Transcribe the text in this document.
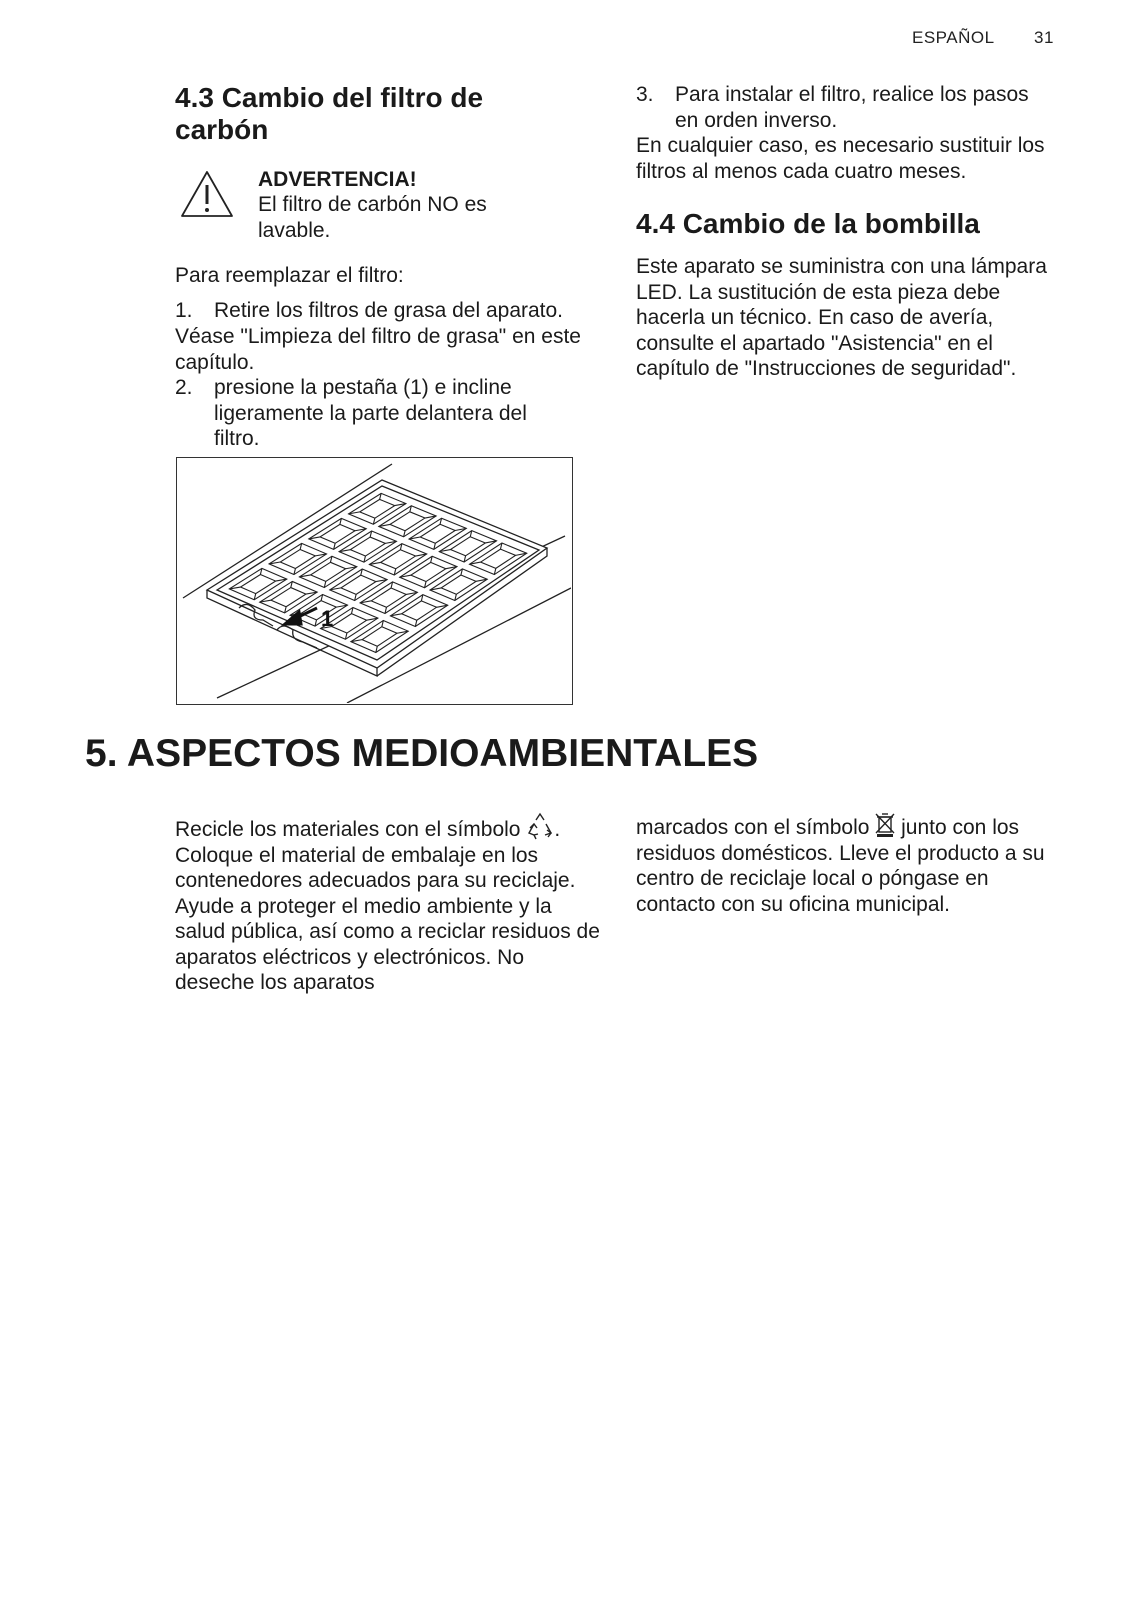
ESPAÑOL 31
4.3 Cambio del filtro de carbón
ADVERTENCIA!
El filtro de carbón NO es lavable.

Para reemplazar el filtro:

1. Retire los filtros de grasa del aparato.
Véase "Limpieza del filtro de grasa" en este capítulo.
2. presione la pestaña (1) e incline ligeramente la parte delantera del filtro.
1
3. Para instalar el filtro, realice los pasos en orden inverso.
En cualquier caso, es necesario sustituir los filtros al menos cada cuatro meses.
4.4 Cambio de la bombilla

Este aparato se suministra con una lámpara LED. La sustitución de esta pieza debe hacerla un técnico. En caso de avería, consulte el apartado "Asistencia" en el capítulo de "Instrucciones de seguridad".

5. ASPECTOS MEDIOAMBIENTALES

Recicle los materiales con el símbolo . Coloque el material de embalaje en los contenedores adecuados para su reciclaje. Ayude a proteger el medio ambiente y la salud pública, así como a reciclar residuos de aparatos eléctricos y electrónicos. No deseche los aparatos

marcados con el símbolo  junto con los residuos domésticos. Lleve el producto a su centro de reciclaje local o póngase en contacto con su oficina municipal.
